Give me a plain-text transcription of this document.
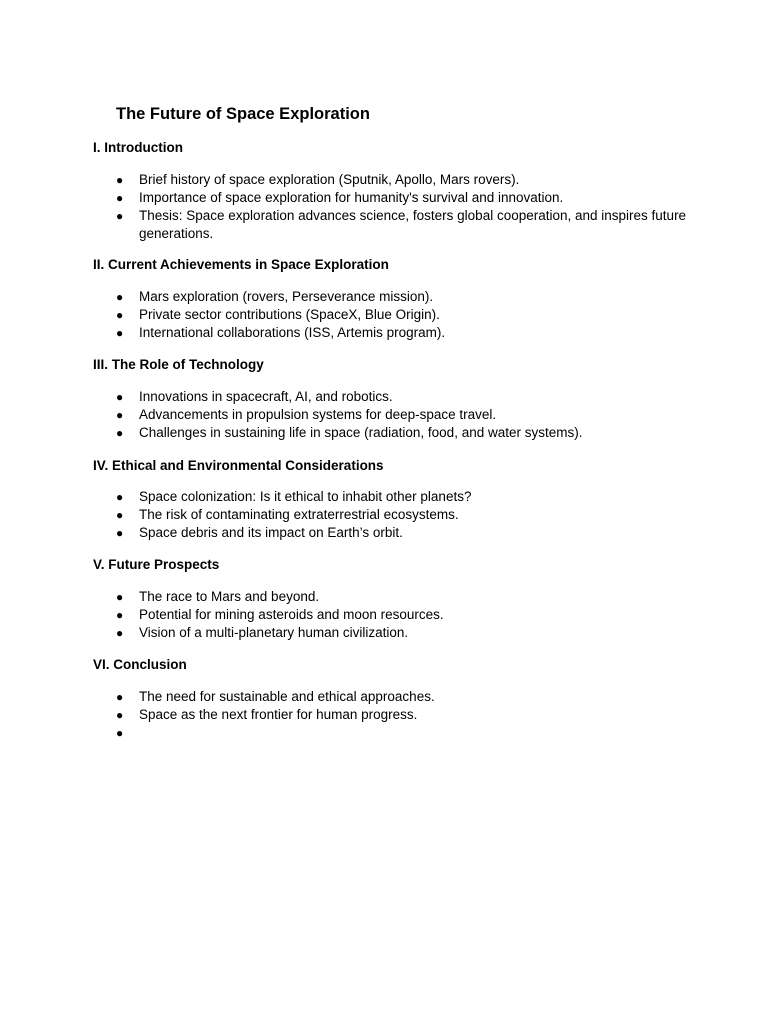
The Future of Space Exploration
I. Introduction
●	Brief history of space exploration (Sputnik, Apollo, Mars rovers).
●	Importance of space exploration for humanity's survival and innovation.
●	Thesis: Space exploration advances science, fosters global cooperation, and inspires future generations.
II. Current Achievements in Space Exploration
●	Mars exploration (rovers, Perseverance mission).
●	Private sector contributions (SpaceX, Blue Origin).
●	International collaborations (ISS, Artemis program).
III. The Role of Technology
●	Innovations in spacecraft, AI, and robotics.
●	Advancements in propulsion systems for deep-space travel.
●	Challenges in sustaining life in space (radiation, food, and water systems).
IV. Ethical and Environmental Considerations
●	Space colonization: Is it ethical to inhabit other planets?
●	The risk of contaminating extraterrestrial ecosystems.
●	Space debris and its impact on Earth’s orbit.
V. Future Prospects
●	The race to Mars and beyond.
●	Potential for mining asteroids and moon resources.
●	Vision of a multi-planetary human civilization.
VI. Conclusion
●	The need for sustainable and ethical approaches.
●	Space as the next frontier for human progress.
●
